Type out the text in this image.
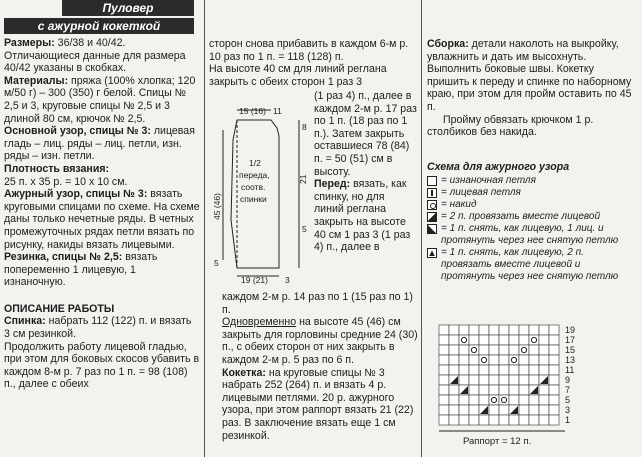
Пуловер
с ажурной кокеткой

Размеры: 36/38 и 40/42.

Отличающиеся данные для размера 40/42 указаны в скобках.

Материалы: пряжа (100% хлопка; 120 м/50 г) – 300 (350) г белой. Спицы № 2,5 и 3, круговые спицы № 2,5 и 3 длиной 80 см, крючок № 2,5.

Основной узор, спицы № 3: лицевая гладь – лиц. ряды – лиц. петли, изн. ряды – изн. петли.

Плотность вязания:

25 п. х 35 р. = 10 х 10 см.

Ажурный узор, спицы № 3: вязать круговыми спицами по схеме. На схеме даны только нечетные ряды. В четных промежуточных рядах петли вязать по рисунку, накиды вязать лицевыми.

Резинка, спицы № 2,5: вязать попеременно 1 лицевую, 1 изнаночную.

ОПИСАНИЕ РАБОТЫ

Спинка: набрать 112 (122) п. и вязать 3 см резинкой.

Продолжить работу лицевой гладью, при этом для боковых скосов убавить в каждом 8-м р. 7 раз по 1 п. = 98 (108) п., далее с обеих

сторон снова прибавить в каждом 6-м р. 10 раз по 1 п. = 118 (128) п.

На высоте 40 см для линий реглана закрыть с обеих сторон 1 раз 3

15 (16) 11
45 (46)
5
21
8
5
1/2
переда,
соотв.
спинки
19 (21) 3

(1 раз 4) п., далее в каждом 2-м р. 17 раз по 1 п. (18 раз по 1 п.). Затем закрыть оставшиеся 78 (84) п. = 50 (51) см в высоту.

Перед: вязать, как спинку, но для линий реглана закрыть на высоте 40 см 1 раз 3 (1 раз 4) п., далее в

каждом 2-м р. 14 раз по 1 (15 раз по 1) п.

Одновременно на высоте 45 (46) см закрыть для горловины средние 24 (30) п., с обеих сторон от них закрыть в каждом 2-м р. 5 раз по 6 п.

Кокетка: на круговые спицы № 3 набрать 252 (264) п. и вязать 4 р. лицевыми петлями. 20 р. ажурного узора, при этом раппорт вязать 21 (22) раз. В заключение вязать еще 1 см резинкой.

Сборка: детали наколоть на выкройку, увлажнить и дать им высохнуть. Выполнить боковые швы. Кокетку пришить к переду и спинке по наборному краю, при этом для пройм оставить по 45 п.

Пройму обвязать крючком 1 р. столбиков без накида.

Схема для ажурного узора

= изнаночная петля
= лицевая петля
= накид
= 2 п. провязать вместе лицевой
= 1 п. снять, как лицевую, 1 лиц. и протянуть через нее снятую петлю
= 1 п. снять, как лицевую, 2 п. провязать вместе лицевой и протянуть через нее снятую петлю
19
17
15
13
11
9
7
5
3
1
Раппорт = 12 п.
